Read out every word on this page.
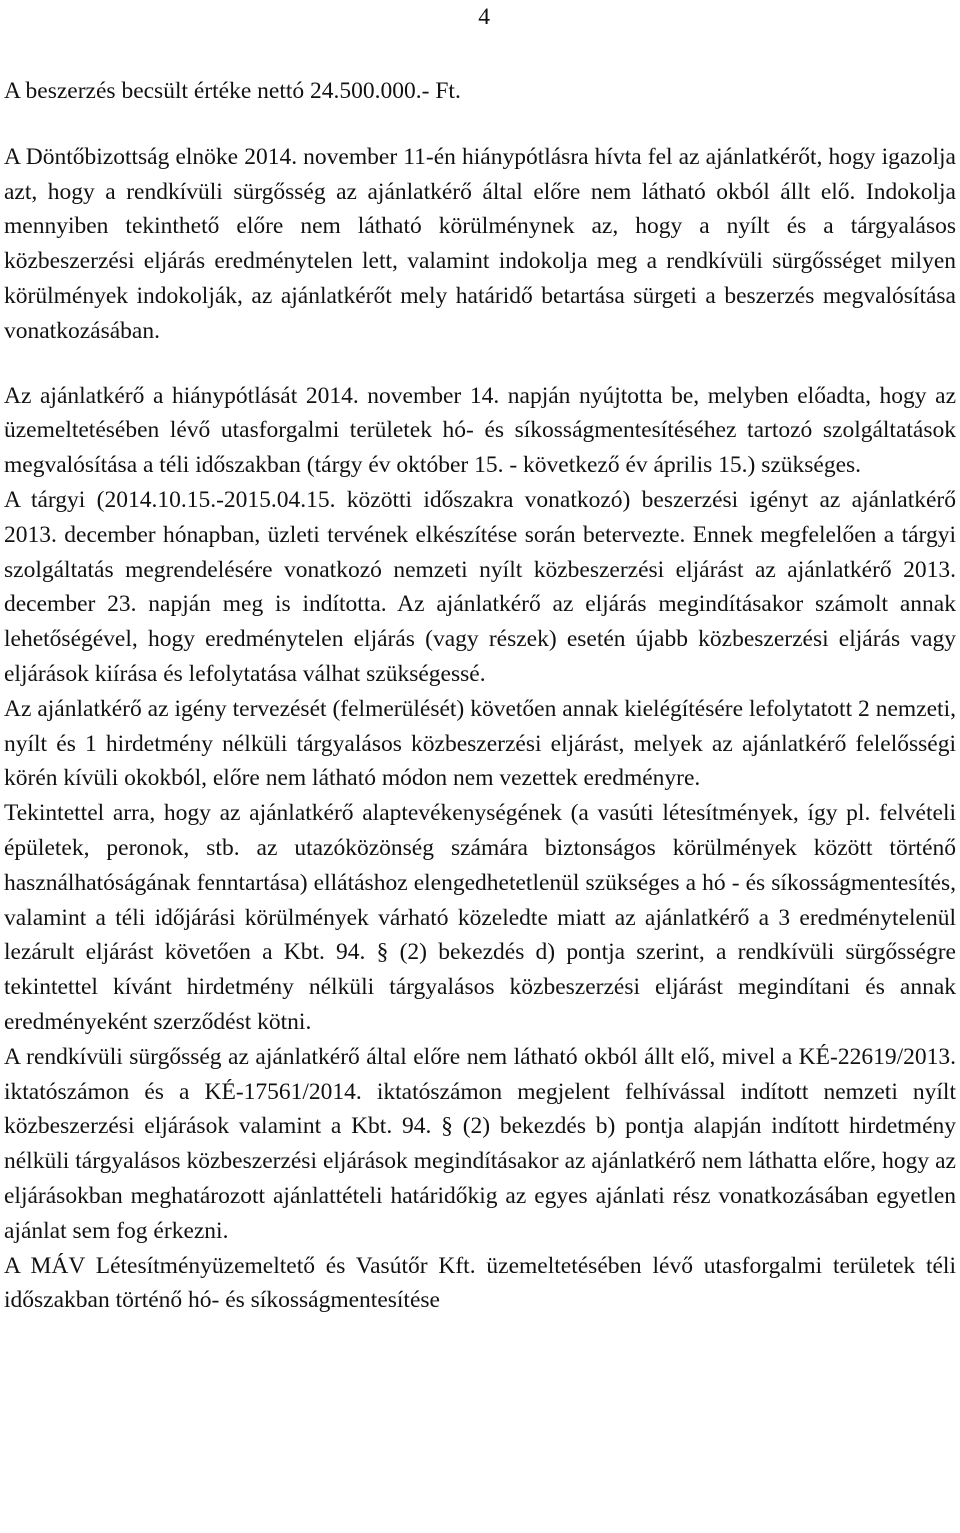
4

A beszerzés becsült értéke nettó 24.500.000.- Ft.

A Döntőbizottság elnöke 2014. november 11-én hiánypótlásra hívta fel az ajánlatkérőt, hogy igazolja azt, hogy a rendkívüli sürgősség az ajánlatkérő által előre nem látható okból állt elő. Indokolja mennyiben tekinthető előre nem látható körülménynek az, hogy a nyílt és a tárgyalásos közbeszerzési eljárás eredménytelen lett, valamint indokolja meg a rendkívüli sürgősséget milyen körülmények indokolják, az ajánlatkérőt mely határidő betartása sürgeti a beszerzés megvalósítása vonatkozásában.

Az ajánlatkérő a hiánypótlását 2014. november 14. napján nyújtotta be, melyben előadta, hogy az üzemeltetésében lévő utasforgalmi területek hó- és síkosságmentesítéséhez tartozó szolgáltatások megvalósítása a téli időszakban (tárgy év október 15. - következő év április 15.) szükséges.

A tárgyi (2014.10.15.-2015.04.15. közötti időszakra vonatkozó) beszerzési igényt az ajánlatkérő 2013. december hónapban, üzleti tervének elkészítése során betervezte. Ennek megfelelően a tárgyi szolgáltatás megrendelésére vonatkozó nemzeti nyílt közbeszerzési eljárást az ajánlatkérő 2013. december 23. napján meg is indította. Az ajánlatkérő az eljárás megindításakor számolt annak lehetőségével, hogy eredménytelen eljárás (vagy részek) esetén újabb közbeszerzési eljárás vagy eljárások kiírása és lefolytatása válhat szükségessé.

Az ajánlatkérő az igény tervezését (felmerülését) követően annak kielégítésére lefolytatott 2 nemzeti, nyílt és 1 hirdetmény nélküli tárgyalásos közbeszerzési eljárást, melyek az ajánlatkérő felelősségi körén kívüli okokból, előre nem látható módon nem vezettek eredményre.

Tekintettel arra, hogy az ajánlatkérő alaptevékenységének (a vasúti létesítmények, így pl. felvételi épületek, peronok, stb. az utazóközönség számára biztonságos körülmények között történő használhatóságának fenntartása) ellátáshoz elengedhetetlenül szükséges a hó - és síkosságmentesítés, valamint a téli időjárási körülmények várható közeledte miatt az ajánlatkérő a 3 eredménytelenül lezárult eljárást követően a Kbt. 94. § (2) bekezdés d) pontja szerint, a rendkívüli sürgősségre tekintettel kívánt hirdetmény nélküli tárgyalásos közbeszerzési eljárást megindítani és annak eredményeként szerződést kötni.

A rendkívüli sürgősség az ajánlatkérő által előre nem látható okból állt elő, mivel a KÉ-22619/2013. iktatószámon és a KÉ-17561/2014. iktatószámon megjelent felhívással indított nemzeti nyílt közbeszerzési eljárások valamint a Kbt. 94. § (2) bekezdés b) pontja alapján indított hirdetmény nélküli tárgyalásos közbeszerzési eljárások megindításakor az ajánlatkérő nem láthatta előre, hogy az eljárásokban meghatározott ajánlattételi határidőkig az egyes ajánlati rész vonatkozásában egyetlen ajánlat sem fog érkezni.

A MÁV Létesítményüzemeltető és Vasútőr Kft. üzemeltetésében lévő utasforgalmi területek téli időszakban történő hó- és síkosságmentesítése
